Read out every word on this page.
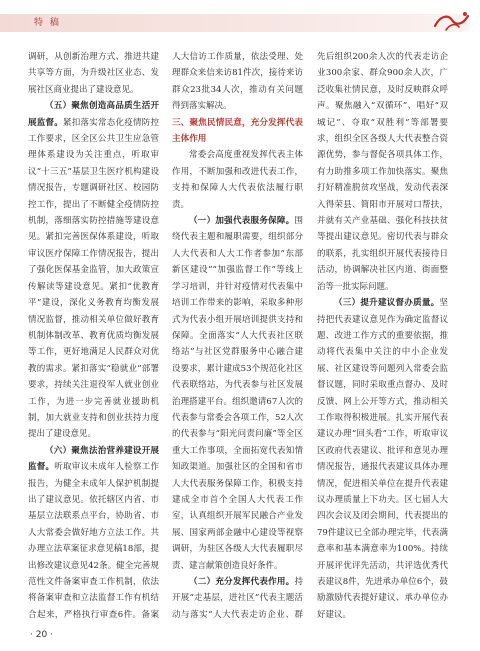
特 稿

调研，从创新治理方式、推进共建共享等方面，为升级社区业态、发展社区商业提出了建设意见。

（五）聚焦创造高品质生活开展监督。紧扣落实常态化疫情防控工作要求，区全区公共卫生应急管理体系建设为关注重点，听取审议“十三五”基层卫生医疗机构建设情况报告，专题调研社区、校园防控工作，提出了不断健全疫情防控机制，落细落实防控措施等建设意见。紧扣完善医保体系建设，听取审议医疗保障工作情况报告，提出了强化医保基金监管，加大政策宣传解读等建设意见。紧扣“优教育平”建设，深化义务教育均衡发展情况监督，推动相关单位做好教育机制体制改革、教育优质均衡发展等工作，更好地满足人民群众对优教的需求。紧扣落实“稳就业”部署要求，持续关注退役军人就业创业工作，为进一步完善就业援助机制，加大就业支持和创业扶持力度提出了建设意见。

（六）聚焦法治营养建设开展监督。听取审议未成年人检察工作报告，为健全未成年人保护机制提出了建议意见。依托辖区内省、市基层立法联系点平台，协助省、市人大常委会做好地方立法工作。共办理立法草案征求意见稿18部，提出修改建议意见42条。健全完善规范性文件备案审查工作机制，依法将备案审查和立法监督工作有机结合起来，严格执行审查6件。备案

人大信访工作质量，依法受理、处理群众来信来访81件次，接待来访群众23批34人次，推动有关问题得到落实解决。

三、聚焦民情民意，充分发挥代表主体作用

常委会高度重视发挥代表主体作用，不断加强和改进代表工作，支持和保障人大代表依法履行职责。

（一）加强代表服务保障。围绕代表主题和履职需要，组织部分人大代表和人大工作者参加“东部新区建设”“加强监督工作”等线上学习培训，并针对疫情对代表集中培训工作带来的影响，采取多种形式为代表小组开展培训提供支持和保障。全面落实“人大代表社区联络站”与社区党群服务中心融合建设要求，累计建成53个规范化社区代表联络站，为代表参与社区发展治理搭建平台。组织邀请67人次的代表参与常委会各项工作，52人次的代表参与“阳光问责问廉”等全区重大工作事项，全面拓宽代表知情知政渠道。加强社区的全国和省市人大代表服务保障工作，积极支持建成全市首个全国人大代表工作室，认真组织开展军民融合产业发展、国家两部金融中心建设等视察调研，为驻区各级人大代表履职尽责、建言献策创造良好条件。

（二）充分发挥代表作用。持开展“走基层，进社区”代表主题活动与落实“人大代表走访企业、群

先后组织200余人次的代表走访企业300余家、群众900余人次，广泛收集社情民意，及时反映群众呼声。聚焦融入“双循环”、唱好“双城记”、夺取“双胜利”等部署要求，组织全区各级人大代表整合资源优势，参与督促各项具体工作，有力助推多项工作加快落实。聚焦打好精准脱贫攻坚战，发动代表深入得荣县、简阳市开展对口帮扶，并就有关产业基础、强化科技扶贫等提出建议意见。密切代表与群众的联系，扎实组织开展代表接待日活动，协调解决社区内道、街面整治等一批实际问题。

（三）提升建议督办质量。坚持把代表建议意见作为确定监督议题、改进工作方式的重要依据，推动将代表集中关注的中小企业发展、社区建设等问题列入常委会监督议题，同时采取重点督办、及时反馈、网上公开等方式，推动相关工作取得积极进展。扎实开展代表建议办理“回头看”工作，听取审议区政府代表建议、批评和意见办理情况报告，通报代表建议具体办理情况，促进相关单位在提升代表建议办理质量上下功夫。区七届人大四次会议及闭会期间，代表提出的79件建议已全部办理完毕，代表满意率和基本满意率为100%。持续开展评优评先活动，共评选优秀代表建议8件，先进承办单位6个，鼓励激励代表提好建议、承办单位办好建议。

· 20 ·
